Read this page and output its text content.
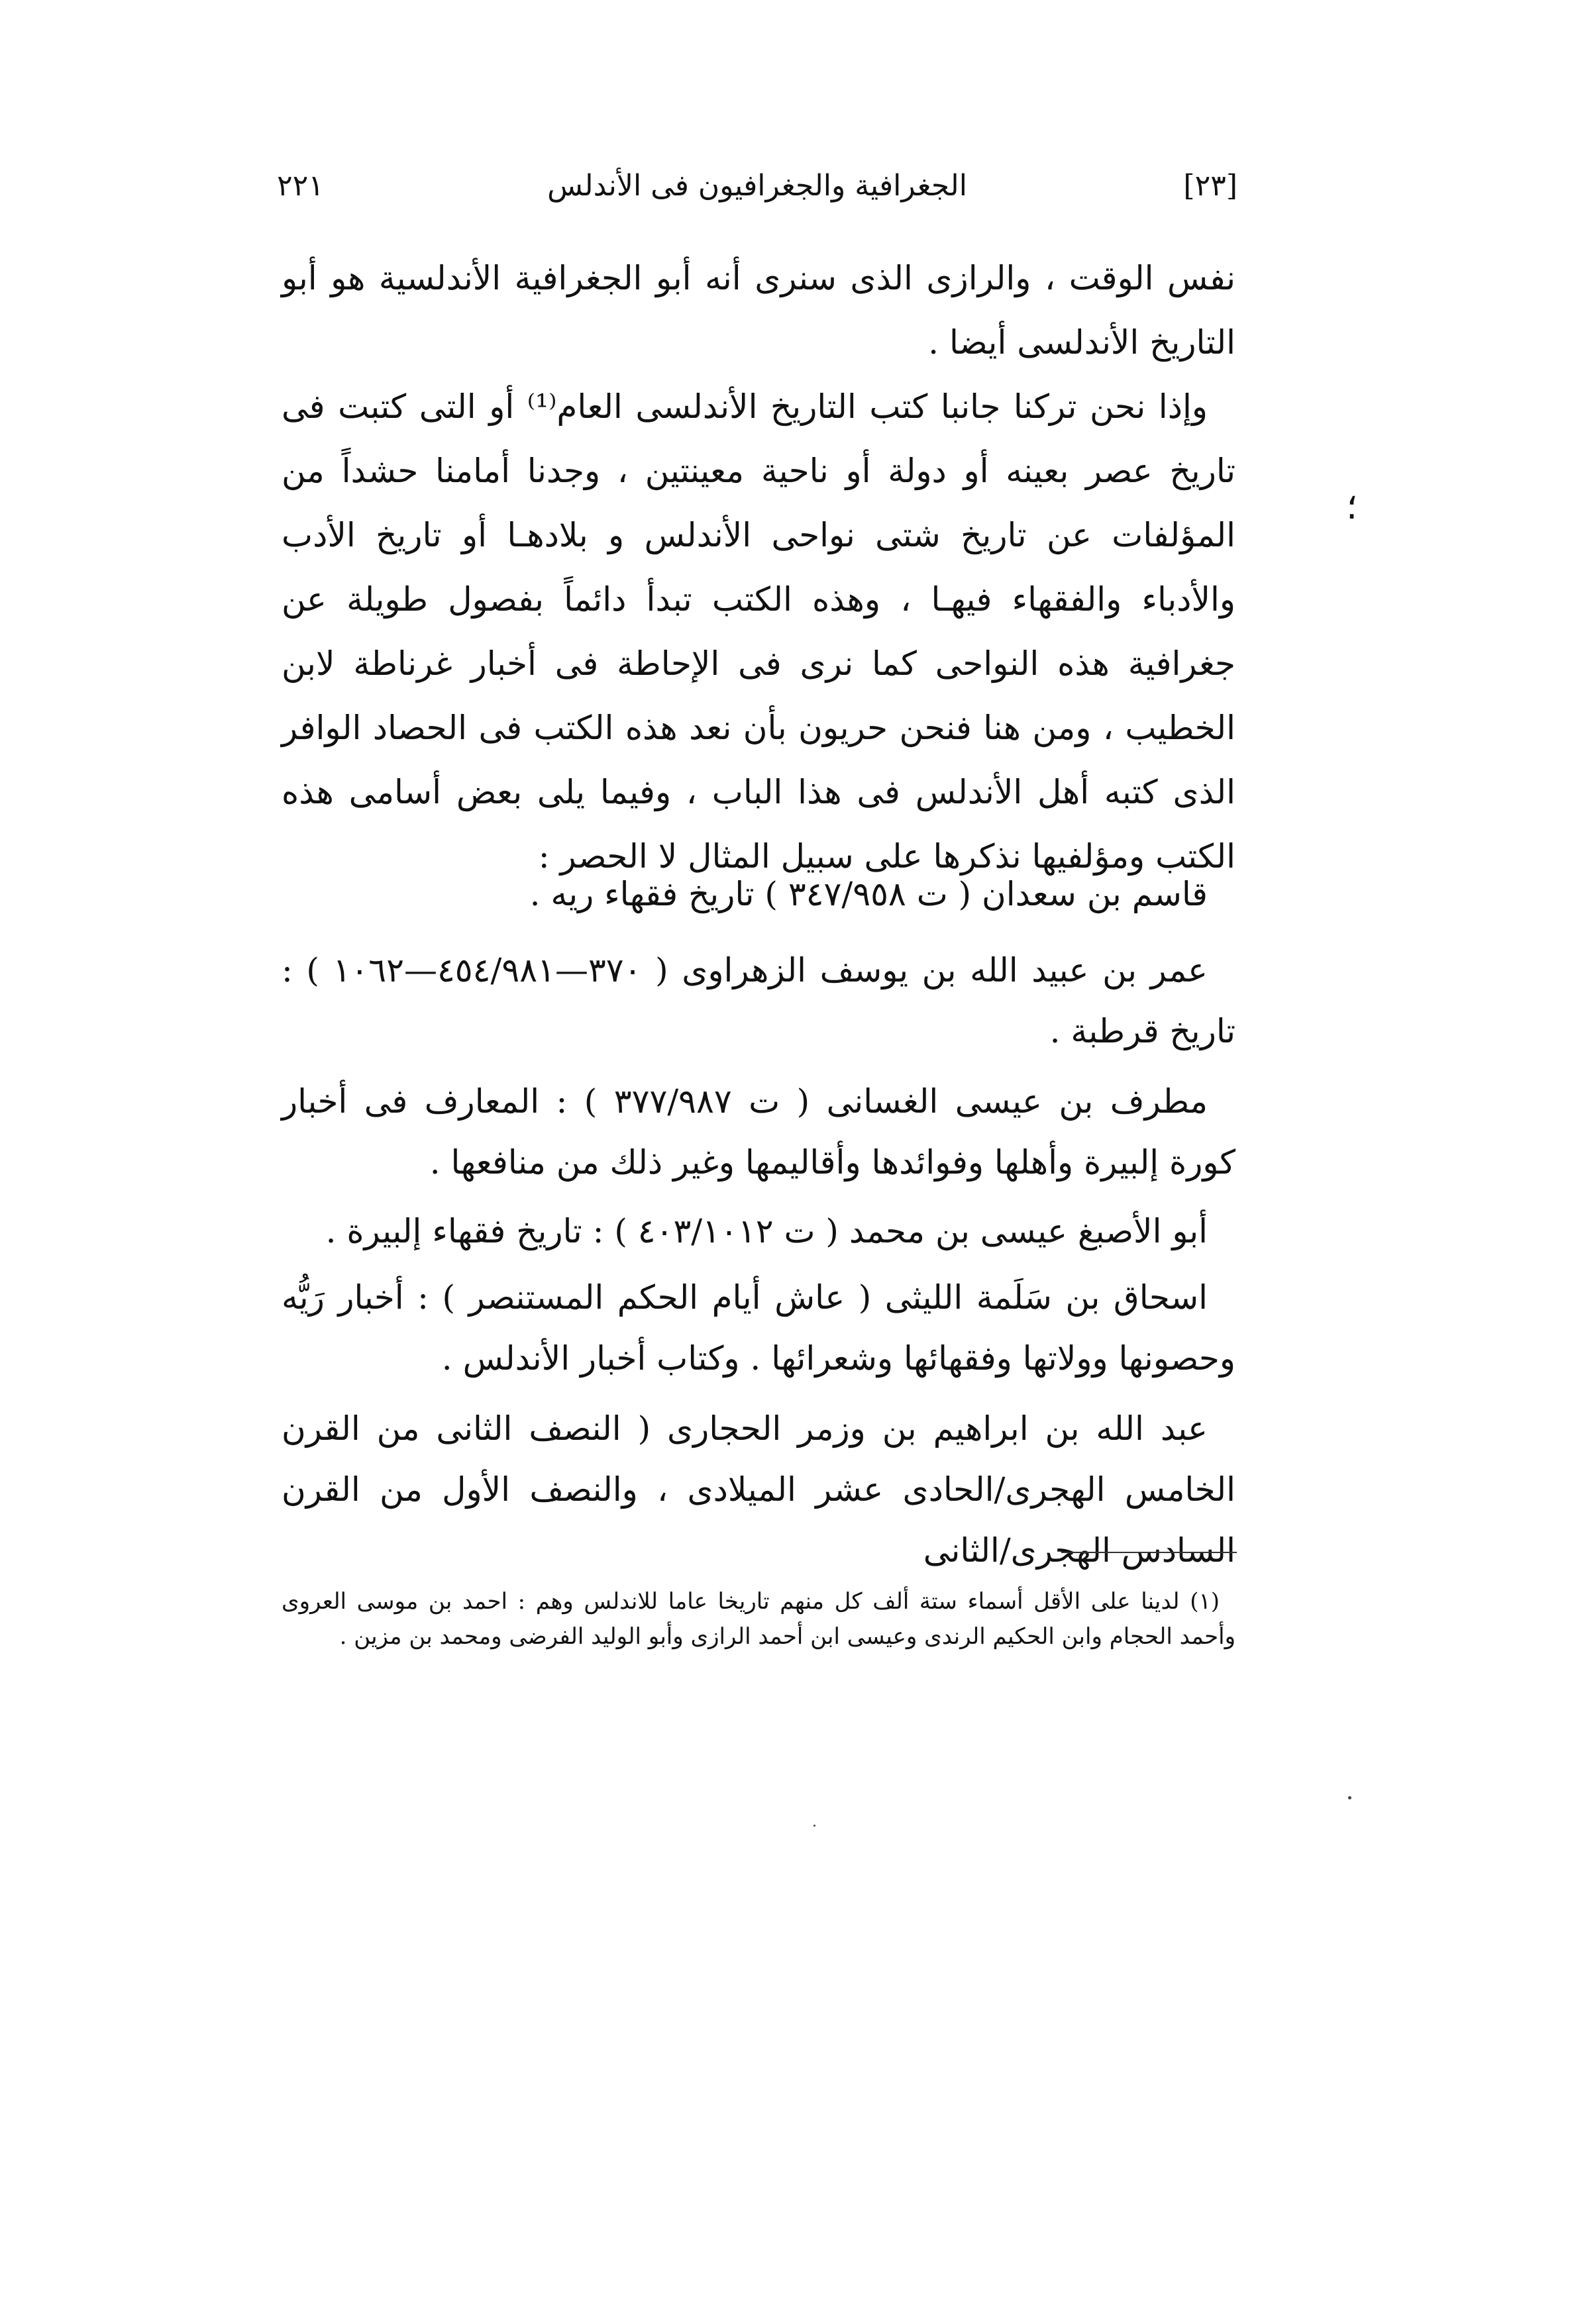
[٢٣]
الجغرافية والجغرافيون فى الأندلس
٢٢١
؛

نفس الوقت ، والرازى الذى سنرى أنه أبو الجغرافية الأندلسية هو أبو التاريخ الأندلسى أيضا .

وإذا نحن تركنا جانبا كتب التاريخ الأندلسى العام⁽¹⁾ أو التى كتبت فى تاريخ عصر بعينه أو دولة أو ناحية معينتين ، وجدنا أمامنا حشداً من المؤلفات عن تاريخ شتى نواحى الأندلس و بلادهـا أو تاريخ الأدب والأدباء والفقهاء فيهـا ، وهذه الكتب تبدأ دائماً بفصول طويلة عن جغرافية هذه النواحى كما نرى فى الإحاطة فى أخبار غرناطة لابن الخطيب ، ومن هنا فنحن حريون بأن نعد هذه الكتب فى الحصاد الوافر الذى كتبه أهل الأندلس فى هذا الباب ، وفيما يلى بعض أسامى هذه الكتب ومؤلفيها نذكرها على سبيل المثال لا الحصر :

قاسم بن سعدان ( ت ٣٤٧/٩٥٨ ) تاريخ فقهاء ريه .

عمر بن عبيد الله بن يوسف الزهراوى ( ٣٧٠—٤٥٤/٩٨١—١٠٦٢ ) : تاريخ قرطبة .

مطرف بن عيسى الغسانى ( ت ٣٧٧/٩٨٧ ) : المعارف فى أخبار كورة إلبيرة وأهلها وفوائدها وأقاليمها وغير ذلك من منافعها .

أبو الأصبغ عيسى بن محمد ( ت ٤٠٣/١٠١٢ ) : تاريخ فقهاء إلبيرة .

اسحاق بن سَلَمة الليثى ( عاش أيام الحكم المستنصر ) : أخبار رَيُّه وحصونها وولاتها وفقهائها وشعرائها . وكتاب أخبار الأندلس .

عبد الله بن ابراهيم بن وزمر الحجارى ( النصف الثانى من القرن الخامس الهجرى/الحادى عشر الميلادى ، والنصف الأول من القرن السادس الهجرى/الثانى

(١) لدينا على الأقل أسماء ستة ألف كل منهم تاريخا عاما للاندلس وهم : احمد بن موسى العروى وأحمد الحجام وابن الحكيم الرندى وعيسى ابن أحمد الرازى وأبو الوليد الفرضى ومحمد بن مزين .
